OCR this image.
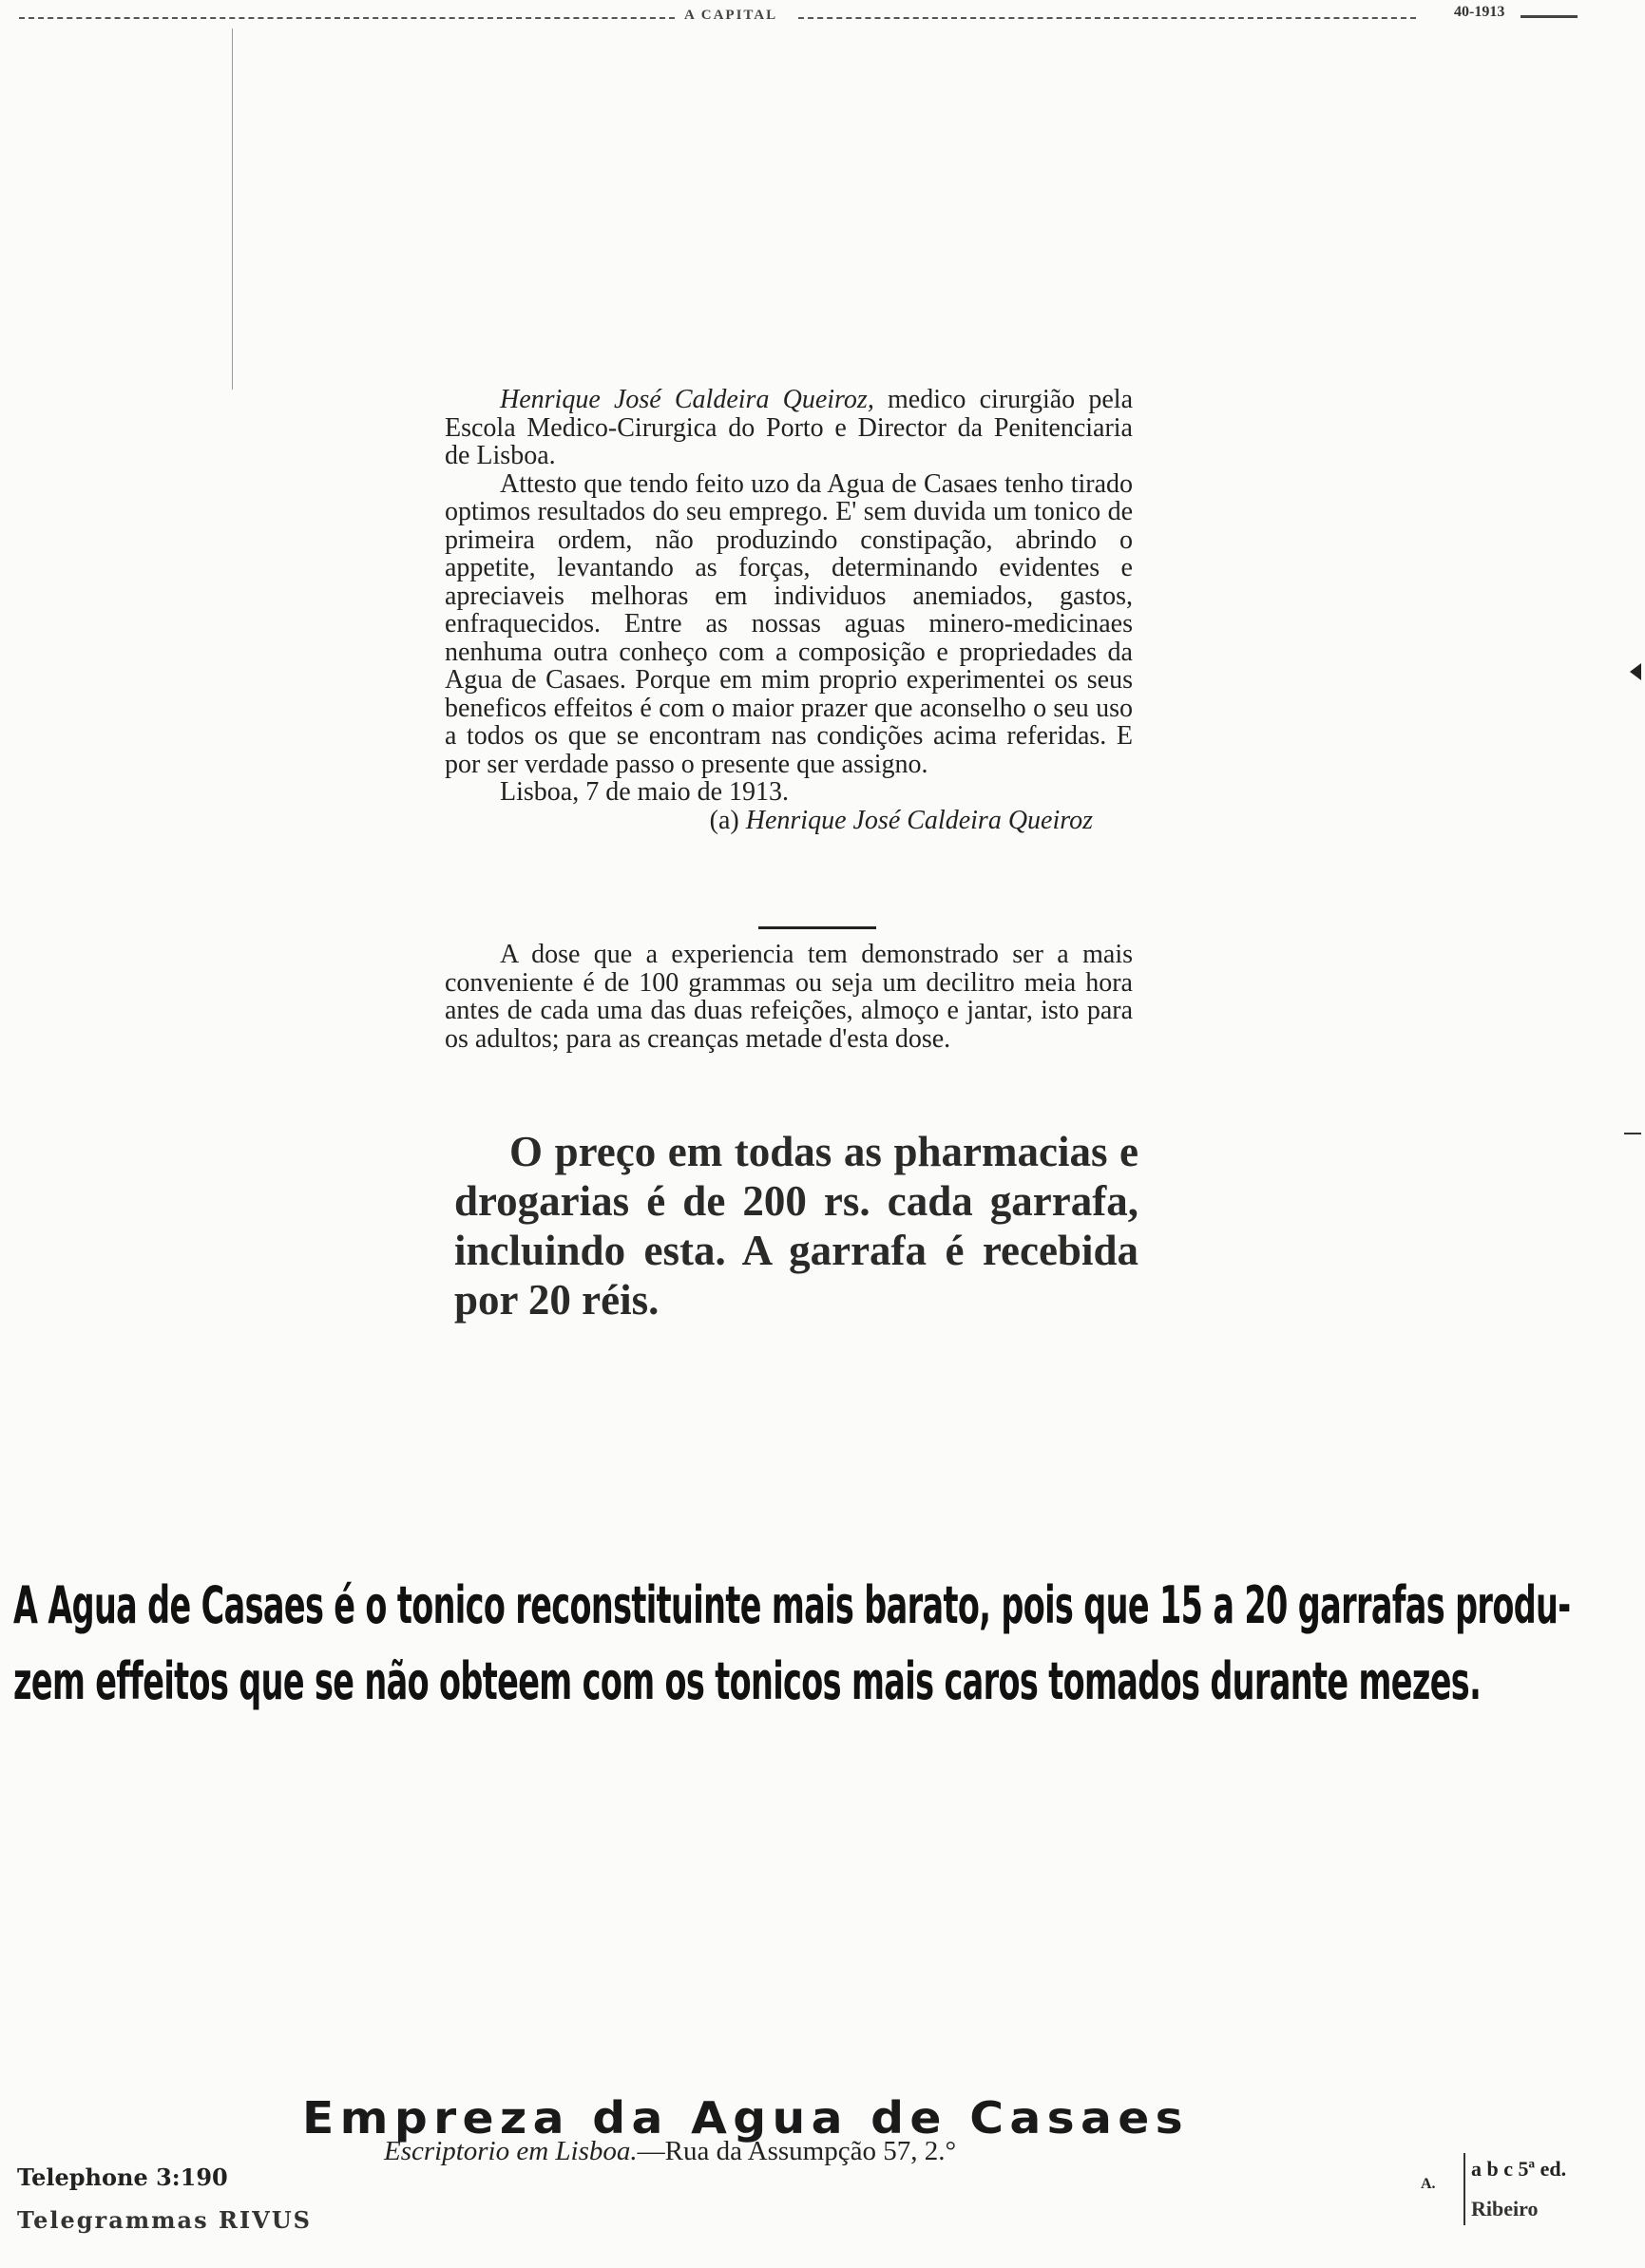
A CAPITAL	40-1913

Henrique José Caldeira Queiroz, medico cirurgião pela Escola Medico-Cirurgica do Porto e Director da Penitenciaria de Lisboa.

Attesto que tendo feito uzo da Agua de Casaes tenho tirado optimos resultados do seu emprego. E' sem duvida um tonico de primeira ordem, não produzindo constipação, abrindo o appetite, levantando as forças, determinando evidentes e apreciaveis melhoras em individuos anemiados, gastos, enfraquecidos. Entre as nossas aguas minero-medicinaes nenhuma outra conheço com a composição e propriedades da Agua de Casaes. Porque em mim proprio experimentei os seus beneficos effeitos é com o maior prazer que aconselho o seu uso a todos os que se encontram nas condições acima referidas. E por ser verdade passo o presente que assigno.

Lisboa, 7 de maio de 1913.

(a) Henrique José Caldeira Queiroz

A dose que a experiencia tem demonstrado ser a mais conveniente é de 100 grammas ou seja um decilitro meia hora antes de cada uma das duas refeições, almoço e jantar, isto para os adultos; para as creanças metade d'esta dose.

O preço em todas as pharmacias e drogarias é de 200 rs. cada garrafa, incluindo esta. A garrafa é recebida por 20 réis.

A Agua de Casaes é o tonico reconstituinte mais barato, pois que 15 a 20 garrafas produ-

zem effeitos que se não obteem com os tonicos mais caros tomados durante mezes.

Empreza da Agua de Casaes
Escriptorio em Lisboa.—Rua da Assumpção 57, 2.°
Telephone 3:190
Telegrammas RIVUS
A.
a b c 5ª ed.
Ribeiro
